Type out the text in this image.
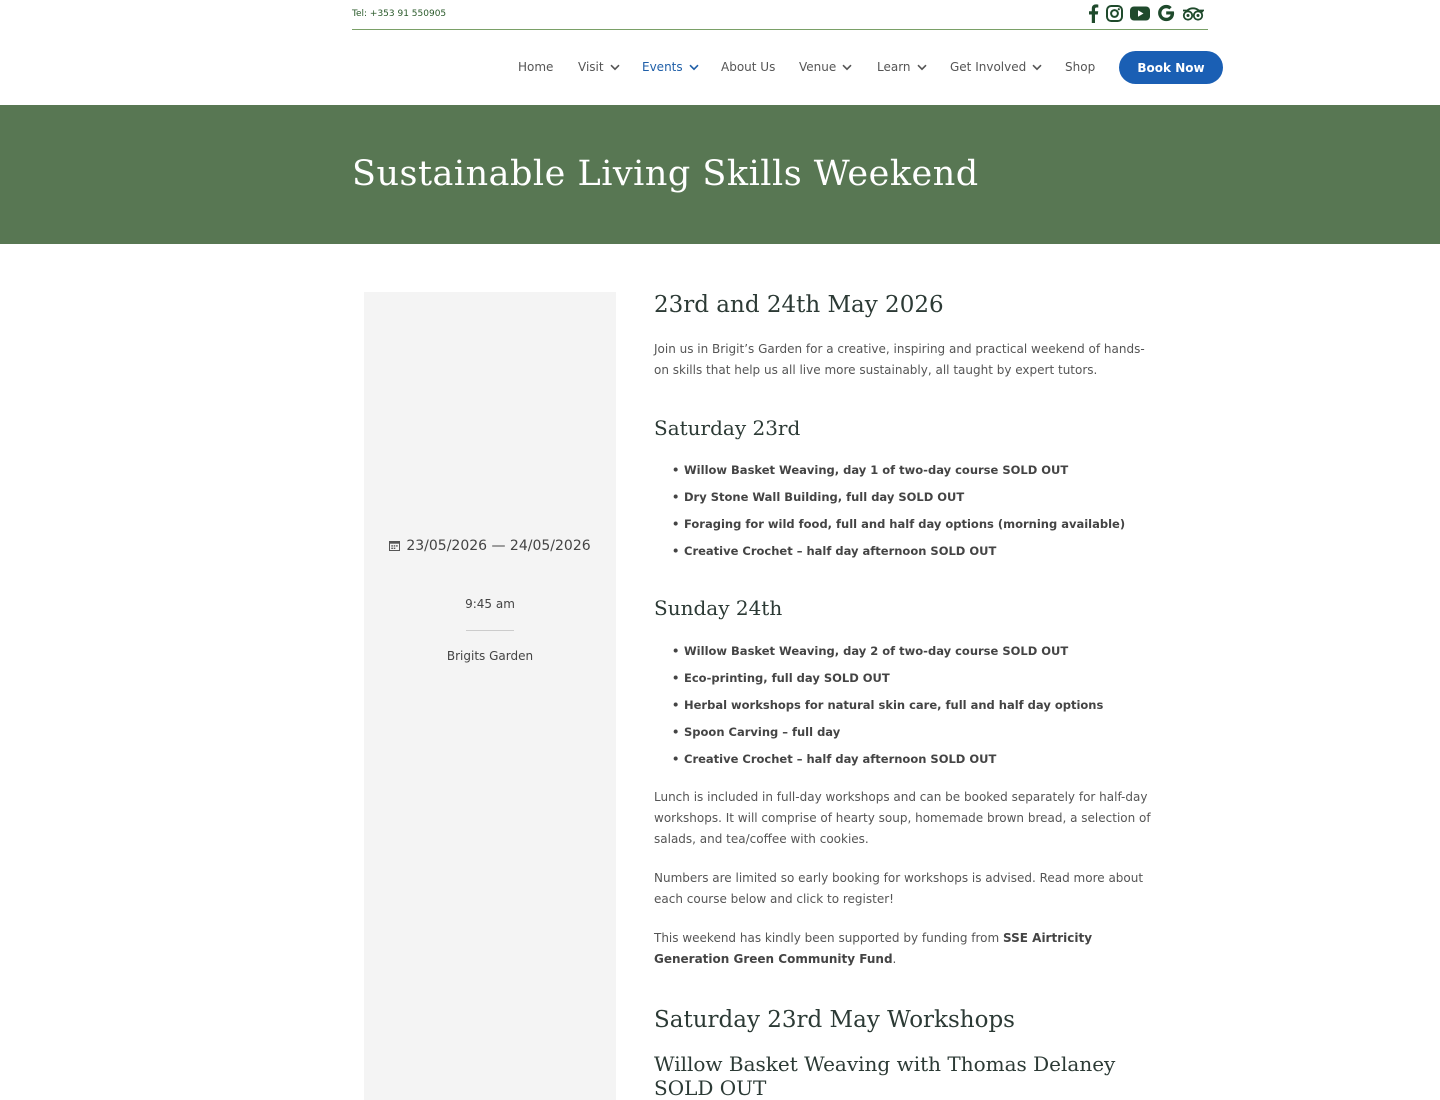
Tel: +353 91 550905
Home Visit	Events	About Us Venue	Learn	Get Involved	Shop	Book Now
Sustainable Living Skills Weekend
23/05/2026 — 24/05/2026
9:45 am
Brigits Garden
23rd and 24th May 2026

Join us in Brigit’s Garden for a creative, inspiring and practical weekend of hands-on skills that help us all live more sustainably, all taught by expert tutors.

Saturday 23rd
• Willow Basket Weaving, day 1 of two-day course SOLD OUT
• Dry Stone Wall Building, full day SOLD OUT
• Foraging for wild food, full and half day options (morning available)
• Creative Crochet – half day afternoon SOLD OUT
Sunday 24th
• Willow Basket Weaving, day 2 of two-day course SOLD OUT
• Eco-printing, full day SOLD OUT
• Herbal workshops for natural skin care, full and half day options
• Spoon Carving – full day
• Creative Crochet – half day afternoon SOLD OUT

Lunch is included in full-day workshops and can be booked separately for half-day workshops. It will comprise of hearty soup, homemade brown bread, a selection of salads, and tea/coffee with cookies.

Numbers are limited so early booking for workshops is advised. Read more about each course below and click to register!

This weekend has kindly been supported by funding from SSE Airtricity Generation Green Community Fund.

Saturday 23rd May Workshops
Willow Basket Weaving with Thomas Delaney SOLD OUT
